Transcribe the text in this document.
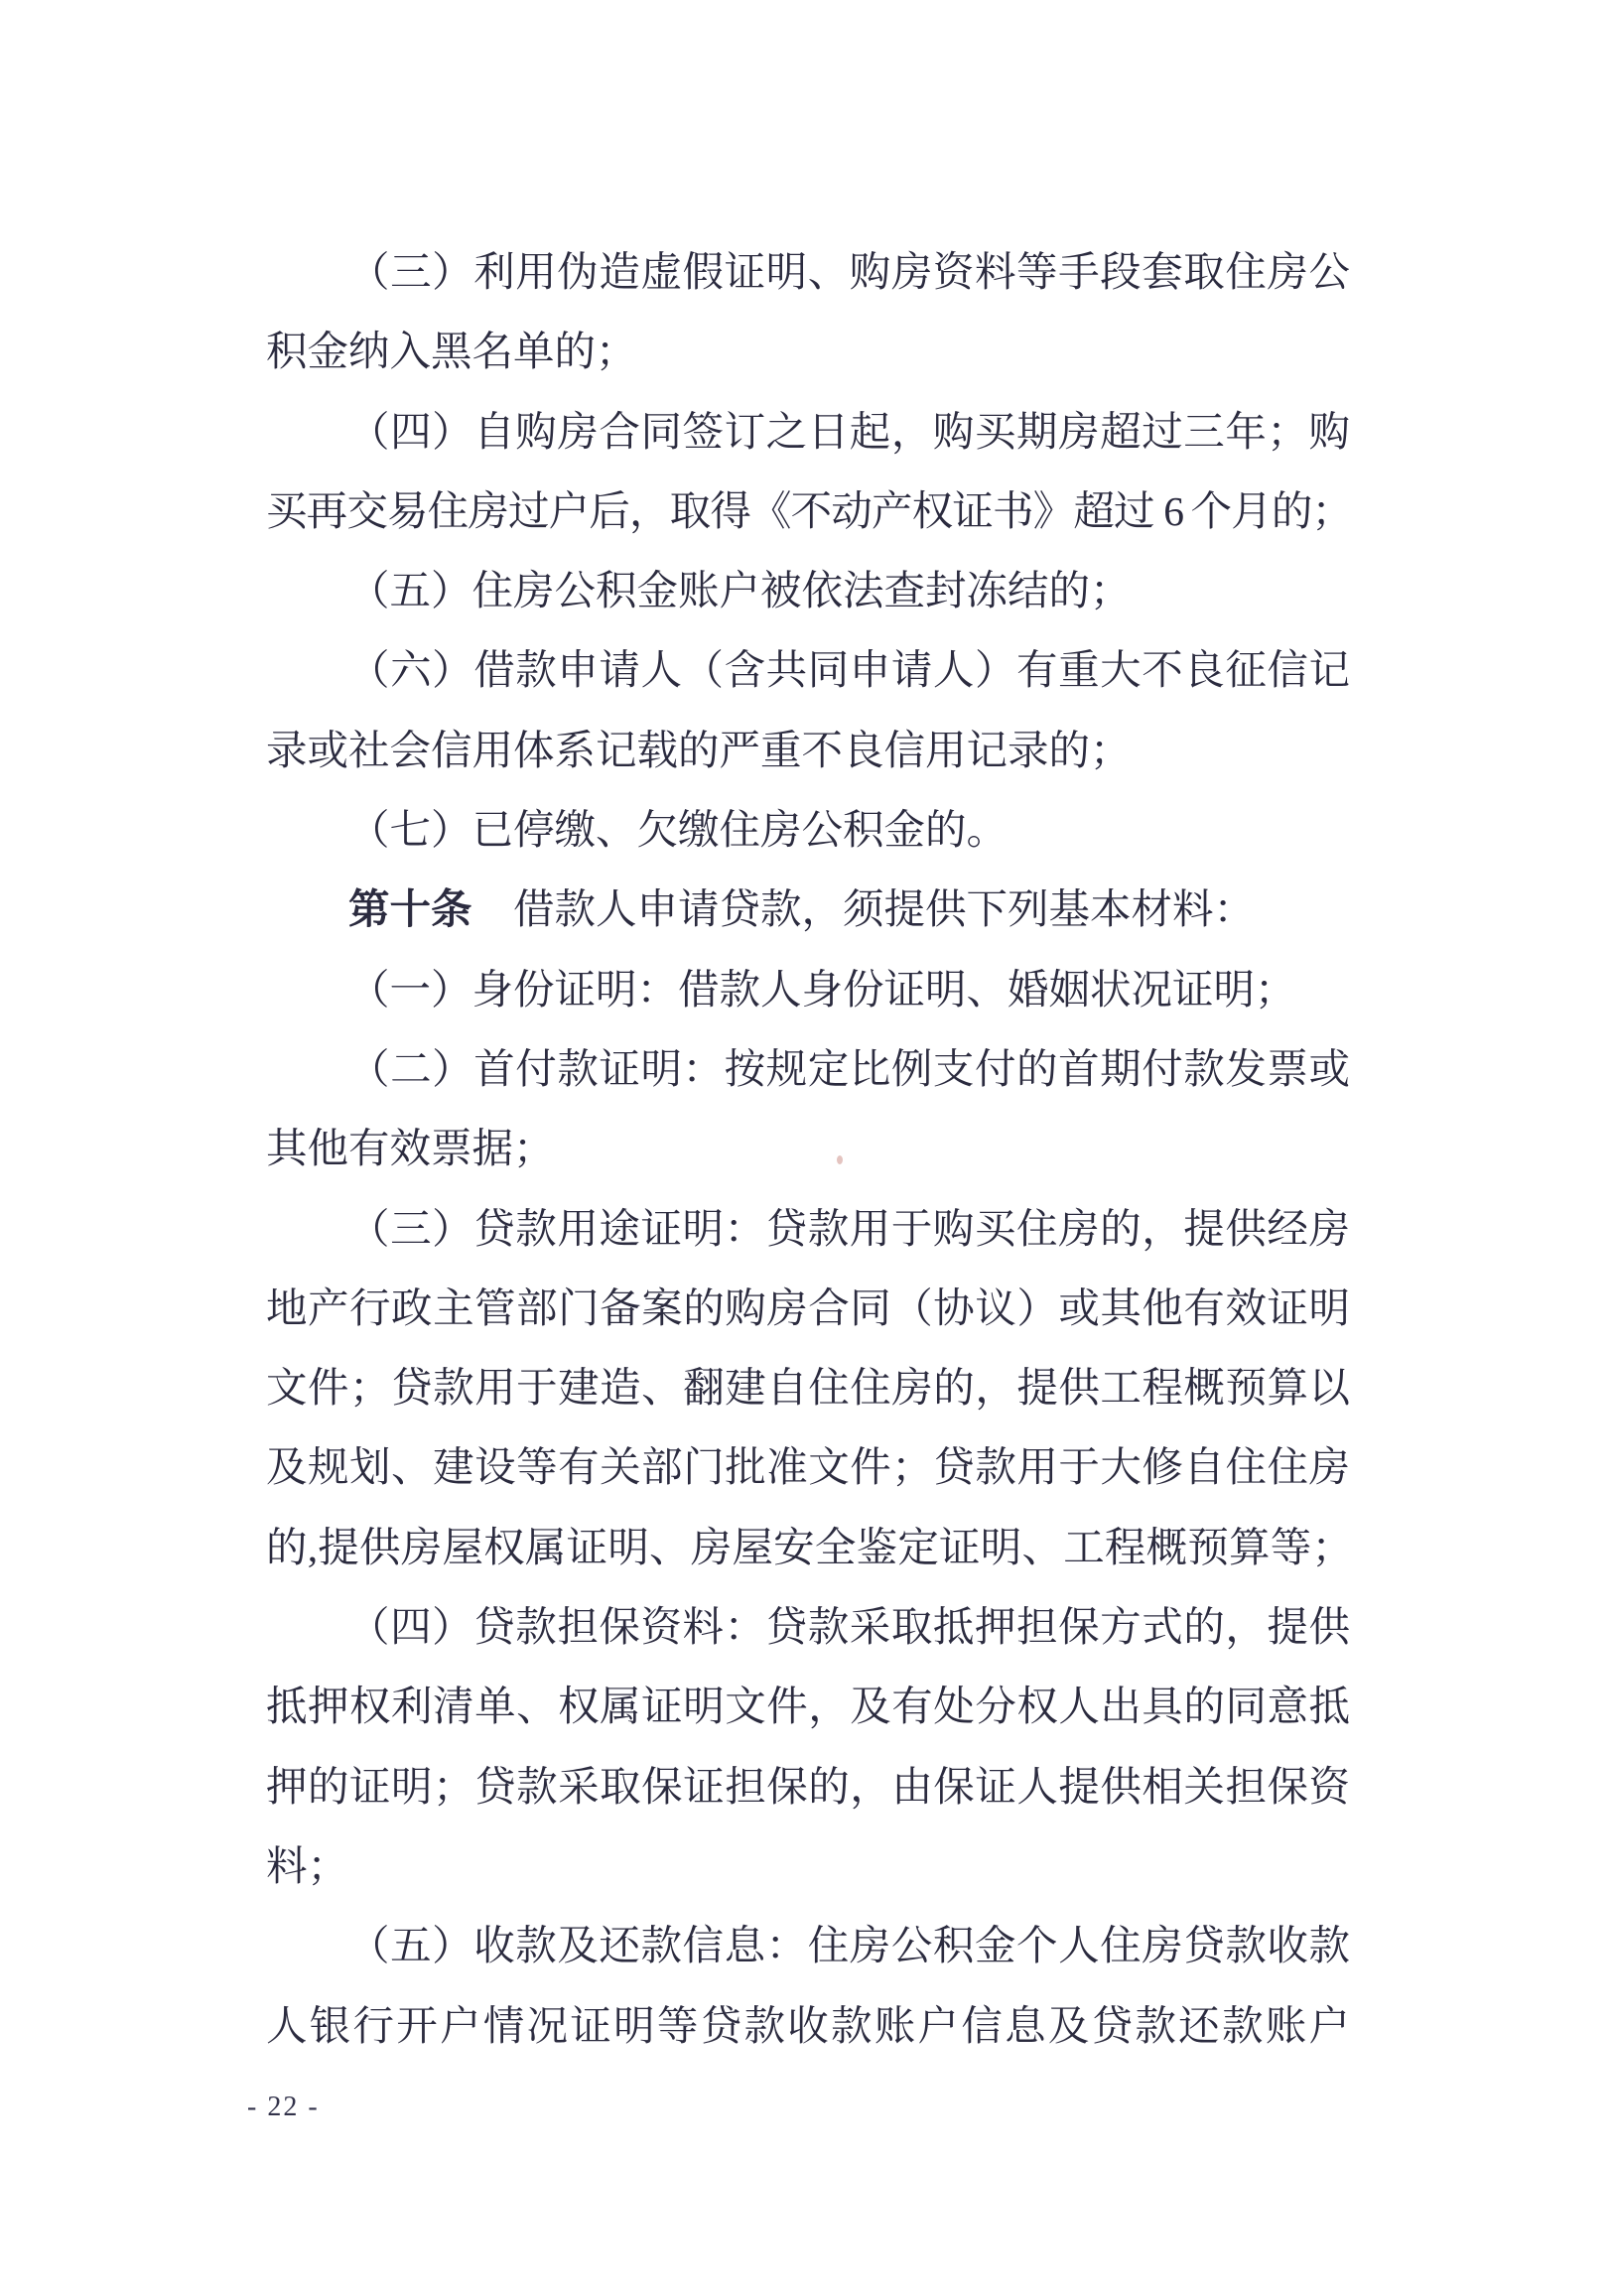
（三）利用伪造虚假证明、购房资料等手段套取住房公
积金纳入黑名单的；
（四）自购房合同签订之日起，购买期房超过三年；购
买再交易住房过户后，取得《不动产权证书》超过 6 个月的；
（五）住房公积金账户被依法查封冻结的；
（六）借款申请人（含共同申请人）有重大不良征信记
录或社会信用体系记载的严重不良信用记录的；
（七）已停缴、欠缴住房公积金的。
第十条 借款人申请贷款，须提供下列基本材料：
（一）身份证明：借款人身份证明、婚姻状况证明；
（二）首付款证明：按规定比例支付的首期付款发票或
其他有效票据；
（三）贷款用途证明：贷款用于购买住房的，提供经房
地产行政主管部门备案的购房合同（协议）或其他有效证明
文件；贷款用于建造、翻建自住住房的，提供工程概预算以
及规划、建设等有关部门批准文件；贷款用于大修自住住房
的,提供房屋权属证明、房屋安全鉴定证明、工程概预算等；
（四）贷款担保资料：贷款采取抵押担保方式的，提供
抵押权利清单、权属证明文件，及有处分权人出具的同意抵
押的证明；贷款采取保证担保的，由保证人提供相关担保资
料；
（五）收款及还款信息：住房公积金个人住房贷款收款
人银行开户情况证明等贷款收款账户信息及贷款还款账户
- 22 -
